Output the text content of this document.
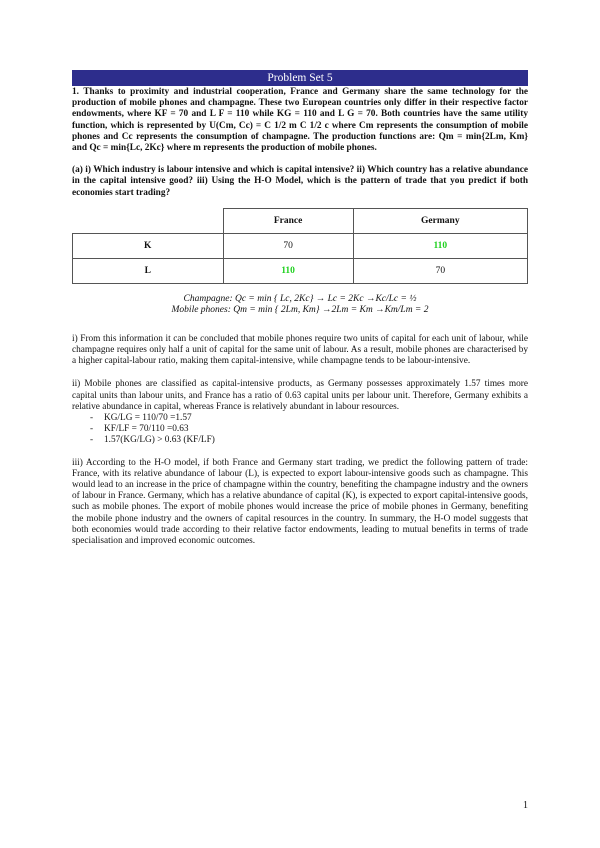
Problem Set 5

1. Thanks to proximity and industrial cooperation, France and Germany share the same technology for the production of mobile phones and champagne. These two European countries only differ in their respective factor endowments, where KF = 70 and L F = 110 while KG = 110 and L G = 70. Both countries have the same utility function, which is represented by U(Cm, Cc) = C 1/2 m C 1/2 c where Cm represents the consumption of mobile phones and Cc represents the consumption of champagne. The production functions are: Qm = min{2Lm, Km} and Qc = min{Lc, 2Kc} where m represents the production of mobile phones.

(a) i) Which industry is labour intensive and which is capital intensive? ii) Which country has a relative abundance in the capital intensive good? iii) Using the H-O Model, which is the pattern of trade that you predict if both economies start trading?

	France	Germany
K	70	110
L	110	70
Champagne: Qc = min { Lc, 2Kc} → Lc = 2Kc →Kc/Lc = ½
Mobile phones: Qm = min { 2Lm, Km} →2Lm = Km →Km/Lm = 2

i) From this information it can be concluded that mobile phones require two units of capital for each unit of labour, while champagne requires only half a unit of capital for the same unit of labour. As a result, mobile phones are characterised by a higher capital-labour ratio, making them capital-intensive, while champagne tends to be labour-intensive.

ii) Mobile phones are classified as capital-intensive products, as Germany possesses approximately 1.57 times more capital units than labour units, and France has a ratio of 0.63 capital units per labour unit. Therefore, Germany exhibits a relative abundance in capital, whereas France is relatively abundant in labour resources.

- KG/LG = 110/70 =1.57
- KF/LF = 70/110 =0.63
- 1.57(KG/LG) > 0.63 (KF/LF)

iii) According to the H-O model, if both France and Germany start trading, we predict the following pattern of trade: France, with its relative abundance of labour (L), is expected to export labour-intensive goods such as champagne. This would lead to an increase in the price of champagne within the country, benefiting the champagne industry and the owners of labour in France. Germany, which has a relative abundance of capital (K), is expected to export capital-intensive goods, such as mobile phones. The export of mobile phones would increase the price of mobile phones in Germany, benefiting the mobile phone industry and the owners of capital resources in the country. In summary, the H-O model suggests that both economies would trade according to their relative factor endowments, leading to mutual benefits in terms of trade specialisation and improved economic outcomes.

1
